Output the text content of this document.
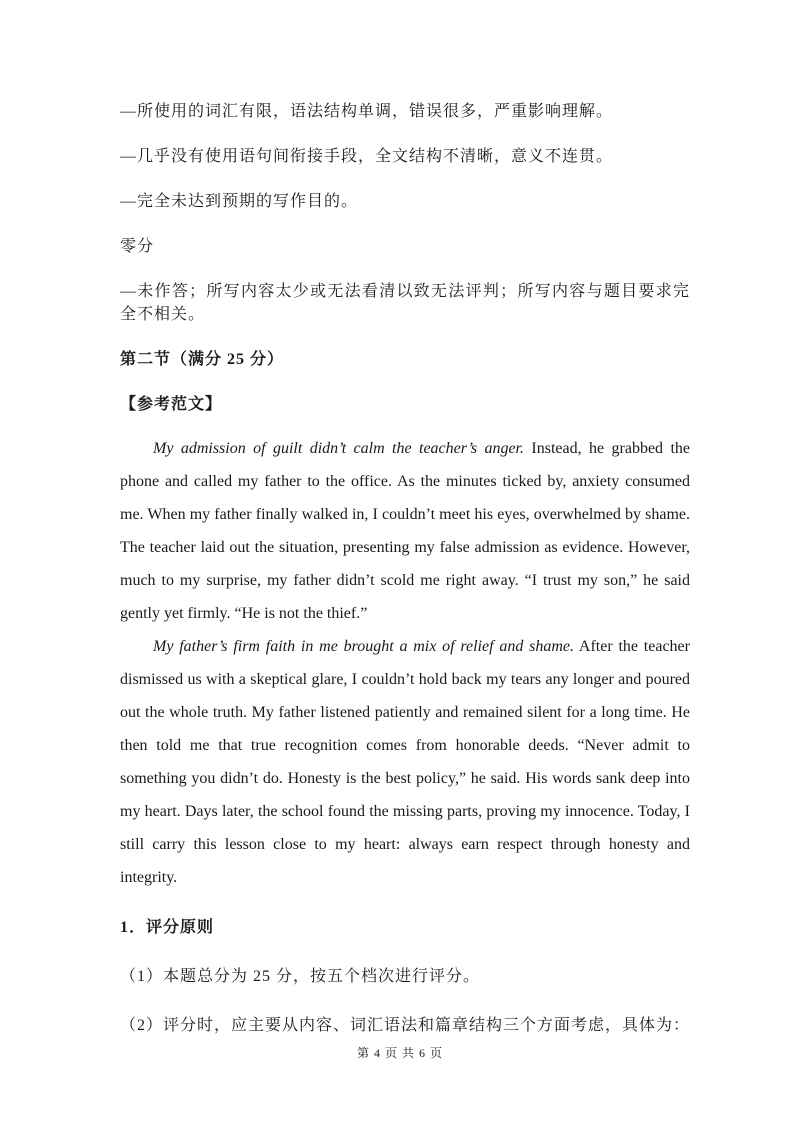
—所使用的词汇有限，语法结构单调，错误很多，严重影响理解。

—几乎没有使用语句间衔接手段，全文结构不清晰，意义不连贯。

—完全未达到预期的写作目的。

零分

—未作答；所写内容太少或无法看清以致无法评判；所写内容与题目要求完全不相关。

第二节（满分 25 分）

【参考范文】

My admission of guilt didn’t calm the teacher’s anger. Instead, he grabbed the phone and called my father to the office. As the minutes ticked by, anxiety consumed me. When my father finally walked in, I couldn’t meet his eyes, overwhelmed by shame. The teacher laid out the situation, presenting my false admission as evidence. However, much to my surprise, my father didn’t scold me right away. “I trust my son,” he said gently yet firmly. “He is not the thief.”

My father’s firm faith in me brought a mix of relief and shame. After the teacher dismissed us with a skeptical glare, I couldn’t hold back my tears any longer and poured out the whole truth. My father listened patiently and remained silent for a long time. He then told me that true recognition comes from honorable deeds. “Never admit to something you didn’t do. Honesty is the best policy,” he said. His words sank deep into my heart. Days later, the school found the missing parts, proving my innocence. Today, I still carry this lesson close to my heart: always earn respect through honesty and integrity.

1．评分原则

（1）本题总分为 25 分，按五个档次进行评分。

（2）评分时，应主要从内容、词汇语法和篇章结构三个方面考虑，具体为：

第 4 页 共 6 页
